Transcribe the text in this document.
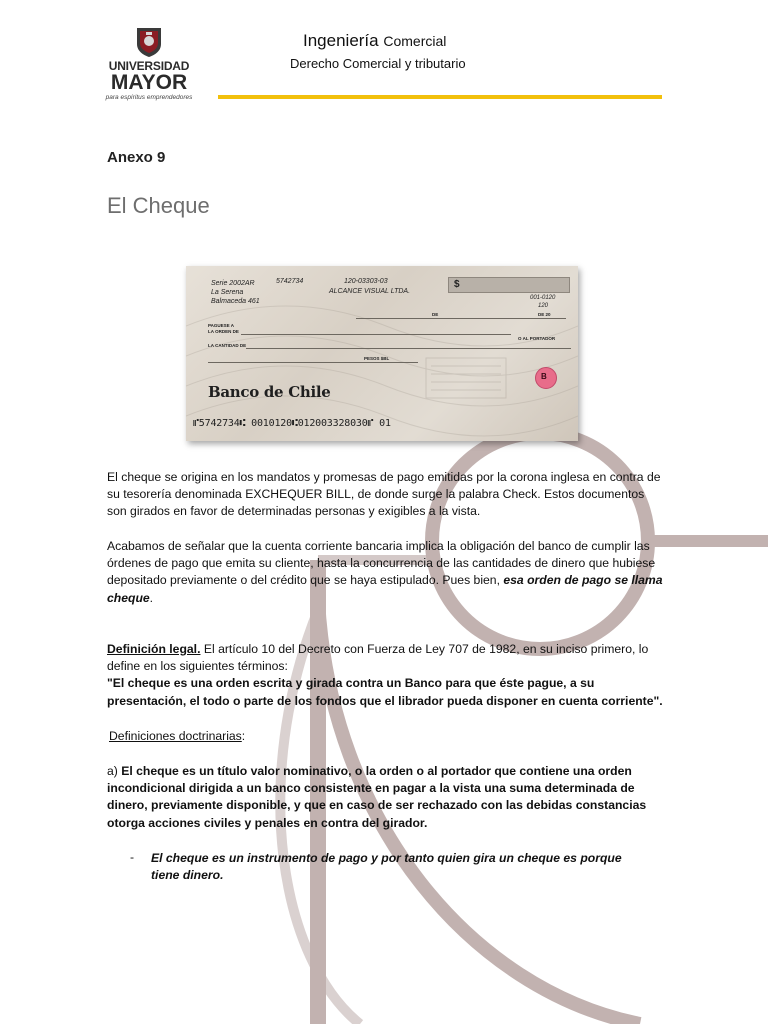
UNIVERSIDAD
MAYOR
para espíritus emprendedores
Ingeniería Comercial
Derecho Comercial y tributario
Anexo 9
El Cheque
Serie 2002AR	5742734
La Serena
Balmaceda 461
120-03303-03
ALCANCE VISUAL LTDA.
$
001-0120
120
DE	DE 20
PAGUESE A
LA ORDEN DE
O AL PORTADOR
LA CANTIDAD DE
PESOS $BL
Banco de Chile
B
⑈5742734⑆ 0010120⑆012003328030⑈ 01

El cheque se origina en los mandatos y promesas de pago emitidas por la corona inglesa en contra de su tesorería denominada EXCHEQUER BILL, de donde surge la palabra Check. Estos documentos son girados en favor de determinadas personas y exigibles a la vista.

Acabamos de señalar que la cuenta corriente bancaria implica la obligación del banco de cumplir las órdenes de pago que emita su cliente, hasta la concurrencia de las cantidades de dinero que hubiese depositado previamente o del crédito que se haya estipulado. Pues bien, esa orden de pago se llama cheque.

Definición legal. El artículo 10 del Decreto con Fuerza de Ley 707 de 1982, en su inciso primero, lo define en los siguientes términos:
"El cheque es una orden escrita y girada contra un Banco para que éste pague, a su presentación, el todo o parte de los fondos que el librador pueda disponer en cuenta corriente".

Definiciones doctrinarias:

a) El cheque es un título valor nominativo, o la orden o al portador que contiene una orden incondicional dirigida a un banco consistente en pagar a la vista una suma determinada de dinero, previamente disponible, y que en caso de ser rechazado con las debidas constancias otorga acciones civiles y penales en contra del girador.

- El cheque es un instrumento de pago y por tanto quien gira un cheque es porque tiene dinero.
